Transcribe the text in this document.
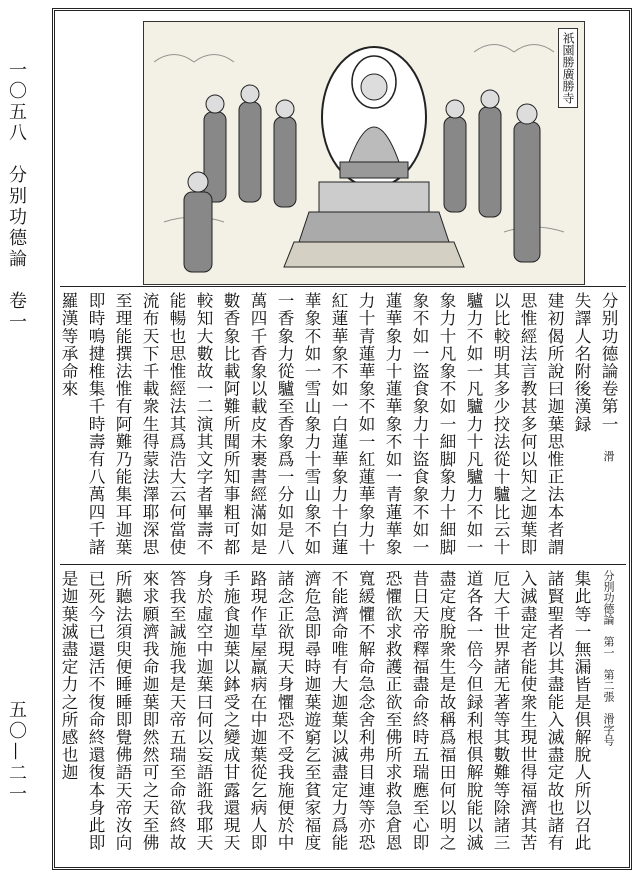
一〇五八　分别功德論　卷一
五〇—二一
祇園勝廣勝寺

分别功德論卷第一　滑

失譯人名附後漢録

建初偈所說曰迦葉思惟正法本者謂思惟經法言教甚多何以知之迦葉即以比較明其多少挍法從十驢比云十驢力不如一凡驢力十凡驢力不如一象力十凡象不如一細脚象力十細脚象不如一盜食象力十盜食象不如一蓮華象力十蓮華象不如一青蓮華象力十青蓮華象不如一紅蓮華象力十紅蓮華象不如一白蓮華象力十白蓮華象不如一雪山象力十雪山象不如一香象力從驢至香象爲一分如是八萬四千香象以載皮未裹書經滿如是數香象比載阿難所聞所知事粗可都較知大數故一二演其文字者畢壽不能暢也思惟經法其爲浩大云何當使流布天下千載衆生得蒙法澤耶深思至理能撰法惟有阿難乃能集耳迦葉即時鳴揵椎集千時壽有八萬四千諸羅漢等承命來

分別功德論　第一　第二張　滑字号

集此等一無漏皆是俱解脫人所以召此諸賢聖者以其盡能入滅盡定故也諸有入滅盡定者能使衆生現世得福濟其苦厄大千世界諸无著等其數難等除諸三道各各一倍今但録利根俱解脫能以滅盡定度脫衆生是故稱爲福田何以明之昔日天帝釋福盡命終時五瑞應至心即恐懼欲求救護正欲至佛所求救急倉恩寬緩懼不解命急念舍利弗目連等亦恐不能濟命唯有大迦葉以滅盡定力爲能濟危急即尋時迦葉遊窮乞至貧家福度諸念正欲現天身懼恐不受我施便於中路現作草屋羸病在中迦葉從乞病人即手施食迦葉以鉢受之變成甘露還現天身於虛空中迦葉曰何以妄語誑我耶天答我至誠施我是天帝五瑞至命欲終故來求願濟我命迦葉即然然可之天至佛所聽法須臾便睡睡即覺佛語天帝汝向已死今已還活不復命終還復本身此即是迦葉滅盡定力之所感也迦
